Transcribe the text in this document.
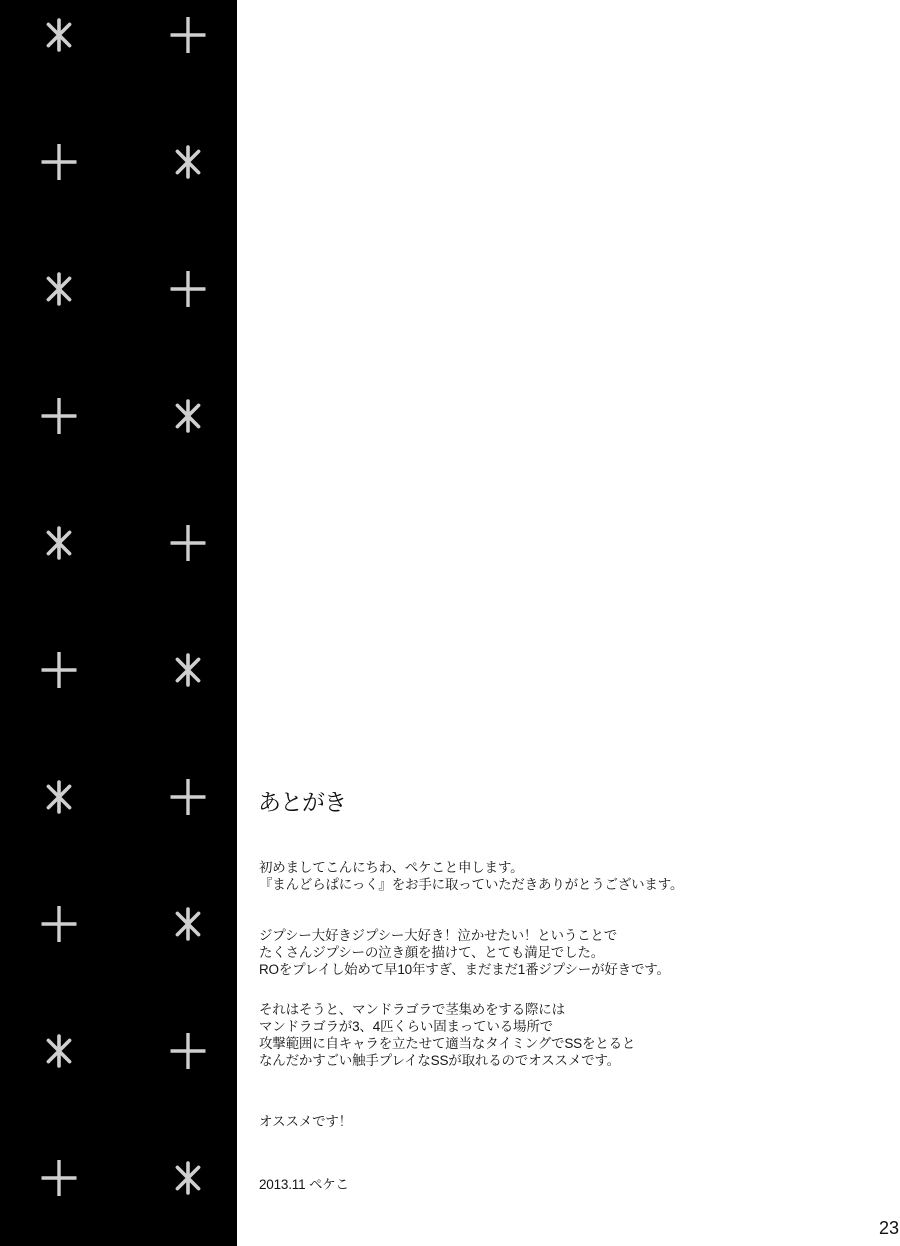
あとがき
初めましてこんにちわ、ペケこと申します。
『まんどらぱにっく』をお手に取っていただきありがとうございます。
ジプシー大好きジプシー大好き！泣かせたい！ということで
たくさんジプシーの泣き顔を描けて、とても満足でした。
ROをプレイし始めて早10年すぎ、まだまだ1番ジプシーが好きです。
それはそうと、マンドラゴラで茎集めをする際には
マンドラゴラが3、4匹くらい固まっている場所で
攻撃範囲に自キャラを立たせて適当なタイミングでSSをとると
なんだかすごい触手プレイなSSが取れるのでオススメです。
オススメです！
2013.11 ペケこ
23
